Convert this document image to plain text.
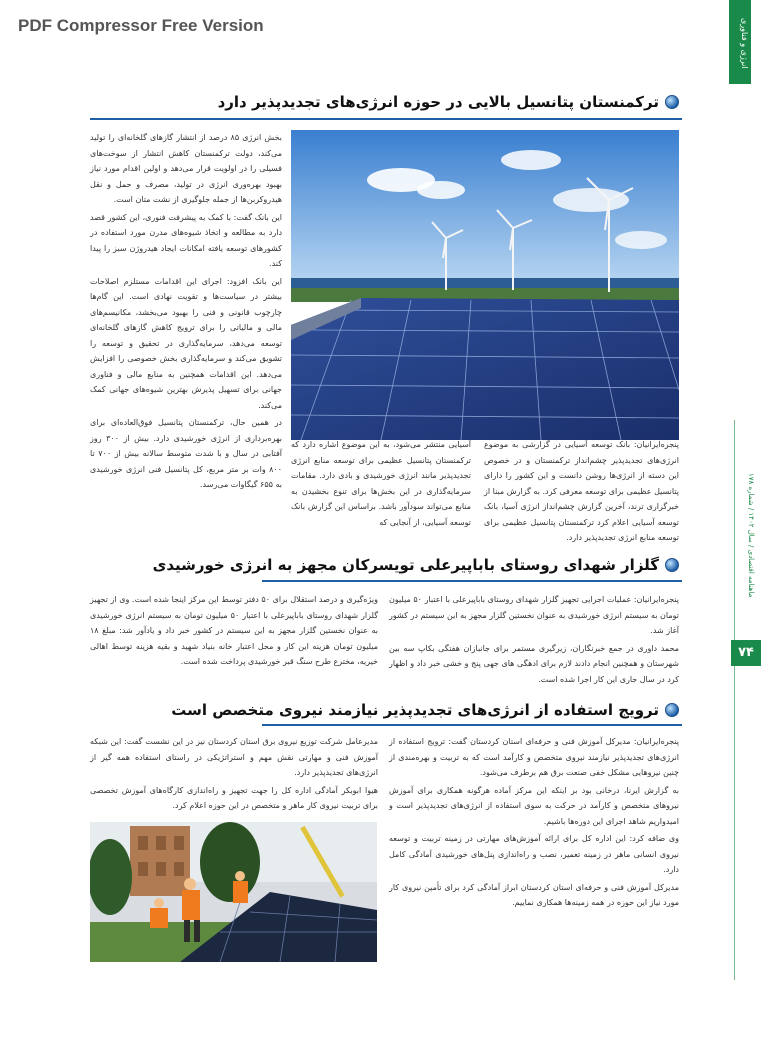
PDF Compressor Free Version	انرژی و فناوری
ماهنامه اقتصادی / سال ۱۴۰۲ / شماره ۱۷۸
۷۴
ترکمنستان پتانسیل بالایی در حوزه انرژی‌های تجدیدپذیر دارد

بخش انرژی ۸۵ درصد از انتشار گازهای گلخانه‌ای را تولید می‌کند، دولت ترکمنستان کاهش انتشار از سوخت‌های فسیلی را در اولویت قرار می‌دهد و اولین اقدام مورد نیاز بهبود بهره‌وری انرژی در تولید، مصرف و حمل و نقل هیدروکربن‌ها از جمله جلوگیری از نشت متان است.

این بانک گفت: با کمک به پیشرفت فنوری، این کشور قصد دارد به مطالعه و اتخاذ شیوه‌های مدرن مورد استفاده در کشورهای توسعه یافته امکانات ایجاد هیدروژن سبز را پیدا کند.

این بانک افزود: اجرای این اقدامات مستلزم اصلاحات بیشتر در سیاست‌ها و تقویت نهادی است. این گام‌ها چارچوب قانونی و فنی را بهبود می‌بخشد، مکانیسم‌های مالی و مالیاتی را برای ترویج کاهش گازهای گلخانه‌ای توسعه می‌دهد، سرمایه‌گذاری در تحقیق و توسعه را تشویق می‌کند و سرمایه‌گذاری بخش خصوصی را افزایش می‌دهد. این اقدامات همچنین به منابع مالی و فناوری جهانی برای تسهیل پذیرش بهترین شیوه‌های جهانی کمک می‌کند.

در همین حال، ترکمنستان پتانسیل فوق‌العاده‌ای برای بهره‌برداری از انرژی خورشیدی دارد. بیش از ۳۰۰ روز آفتابی در سال و با شدت متوسط سالانه بیش از ۷۰۰ تا ۸۰۰ وات بر متر مربع، کل پتانسیل فنی انرژی خورشیدی به ۶۵۵ گیگاوات می‌رسد.

آسیایی منتشر می‌شود، به این موضوع اشاره دارد که ترکمنستان پتانسیل عظیمی برای توسعه منابع انرژی تجدیدپذیر مانند انرژی خورشیدی و بادی دارد. مقامات سرمایه‌گذاری در این بخش‌ها برای تنوع بخشیدن به منابع می‌تواند سودآور باشد. براساس این گزارش بانک توسعه آسیایی، از آنجایی که

پنجره‌ایرانیان: بانک توسعه آسیایی در گزارشی به موضوع انرژی‌های تجدیدپذیر چشم‌انداز ترکمنستان و در خصوص این دسته از انرژی‌ها روشن دانست و این کشور را دارای پتانسیل عظیمی برای توسعه معرفی کرد. به گزارش مبنا از خبرگزاری ترند، آخرین گزارش چشم‌انداز انرژی آسیا، بانک توسعه آسیایی اعلام کرد ترکمنستان پتانسیل عظیمی برای توسعه منابع انرژی تجدیدپذیر دارد.

گلزار شهدای روستای باباپیرعلی تویسرکان مجهز به انرژی خورشیدی

ویژه‌گیری و درصد استقلال برای ۵۰ دفتر توسط این مرکز اینجا شده است. وی از تجهیز گلزار شهدای روستای باباپیرعلی با اعتبار ۵۰ میلیون تومان به سیستم انرژی خورشیدی به عنوان نخستین گلزار مجهز به این سیستم در کشور خبر داد و یادآور شد: مبلغ ۱۸ میلیون تومان هزینه این کار و محل اعتبار خانه بنیاد شهید و بقیه هزینه توسط اهالی خیریه، مخترع طرح سنگ قبر خورشیدی پرداخت شده است.

پنجره‌ایرانیان: عملیات اجرایی تجهیز گلزار شهدای روستای باباپیرعلی با اعتبار ۵۰ میلیون تومان به سیستم انرژی خورشیدی به عنوان نخستین گلزار مجهز به این سیستم در کشور آغاز شد.

محمد داوری در جمع خبرنگاران، زیرگیری مستمر برای جانبازان هفتگی بکاپ سه بین شهرستان و همچنین انجام دادند لازم برای ادهگی های جهی پنج و خشی خبر داد و اظهار کرد در سال جاری این کار اجرا شده است.

ترویج استفاده از انرژی‌های تجدیدپذیر نیازمند نیروی متخصص است

مدیرعامل شرکت توزیع نیروی برق استان کردستان نیز در این نشست گفت: این شبکه آموزش فنی و مهارتی نقش مهم و استراتژیکی در راستای استفاده همه گیر از انرژی‌های تجدیدپذیر دارد.

هیوا ابوبکر آمادگی اداره کل را جهت تجهیز و راه‌اندازی کارگاه‌های آموزش تخصصی برای تربیت نیروی کار ماهر و متخصص در این حوزه اعلام کرد.

پنجره‌ایرانیان: مدیرکل آموزش فنی و حرفه‌ای استان کردستان گفت: ترویج استفاده از انرژی‌های تجدیدپذیر نیازمند نیروی متخصص و کارآمد است که به تربیت و بهره‌مندی از چنین نیروهایی مشکل خفی صنعت برق هم برطرف می‌شود.

به گزارش ایرنا، درخانی بود بر اینکه این مرکز آماده هرگونه همکاری برای آموزش نیروهای متخصص و کارآمد در حرکت به سوی استفاده از انرژی‌های تجدیدپذیر است و امیدواریم شاهد اجرای این دوره‌ها باشیم.

وی ضافه کرد: این اداره کل برای ارائه آموزش‌های مهارتی در زمینه تربیت و توسعه نیروی انسانی ماهر در زمینه تعمیر، نصب و راه‌اندازی پنل‌های خورشیدی آمادگی کامل دارد.

مدیرکل آموزش فنی و حرفه‌ای استان کردستان ابراز آمادگی کرد برای تأمین نیروی کار مورد نیاز این حوزه در همه زمینه‌ها همکاری نماییم.
